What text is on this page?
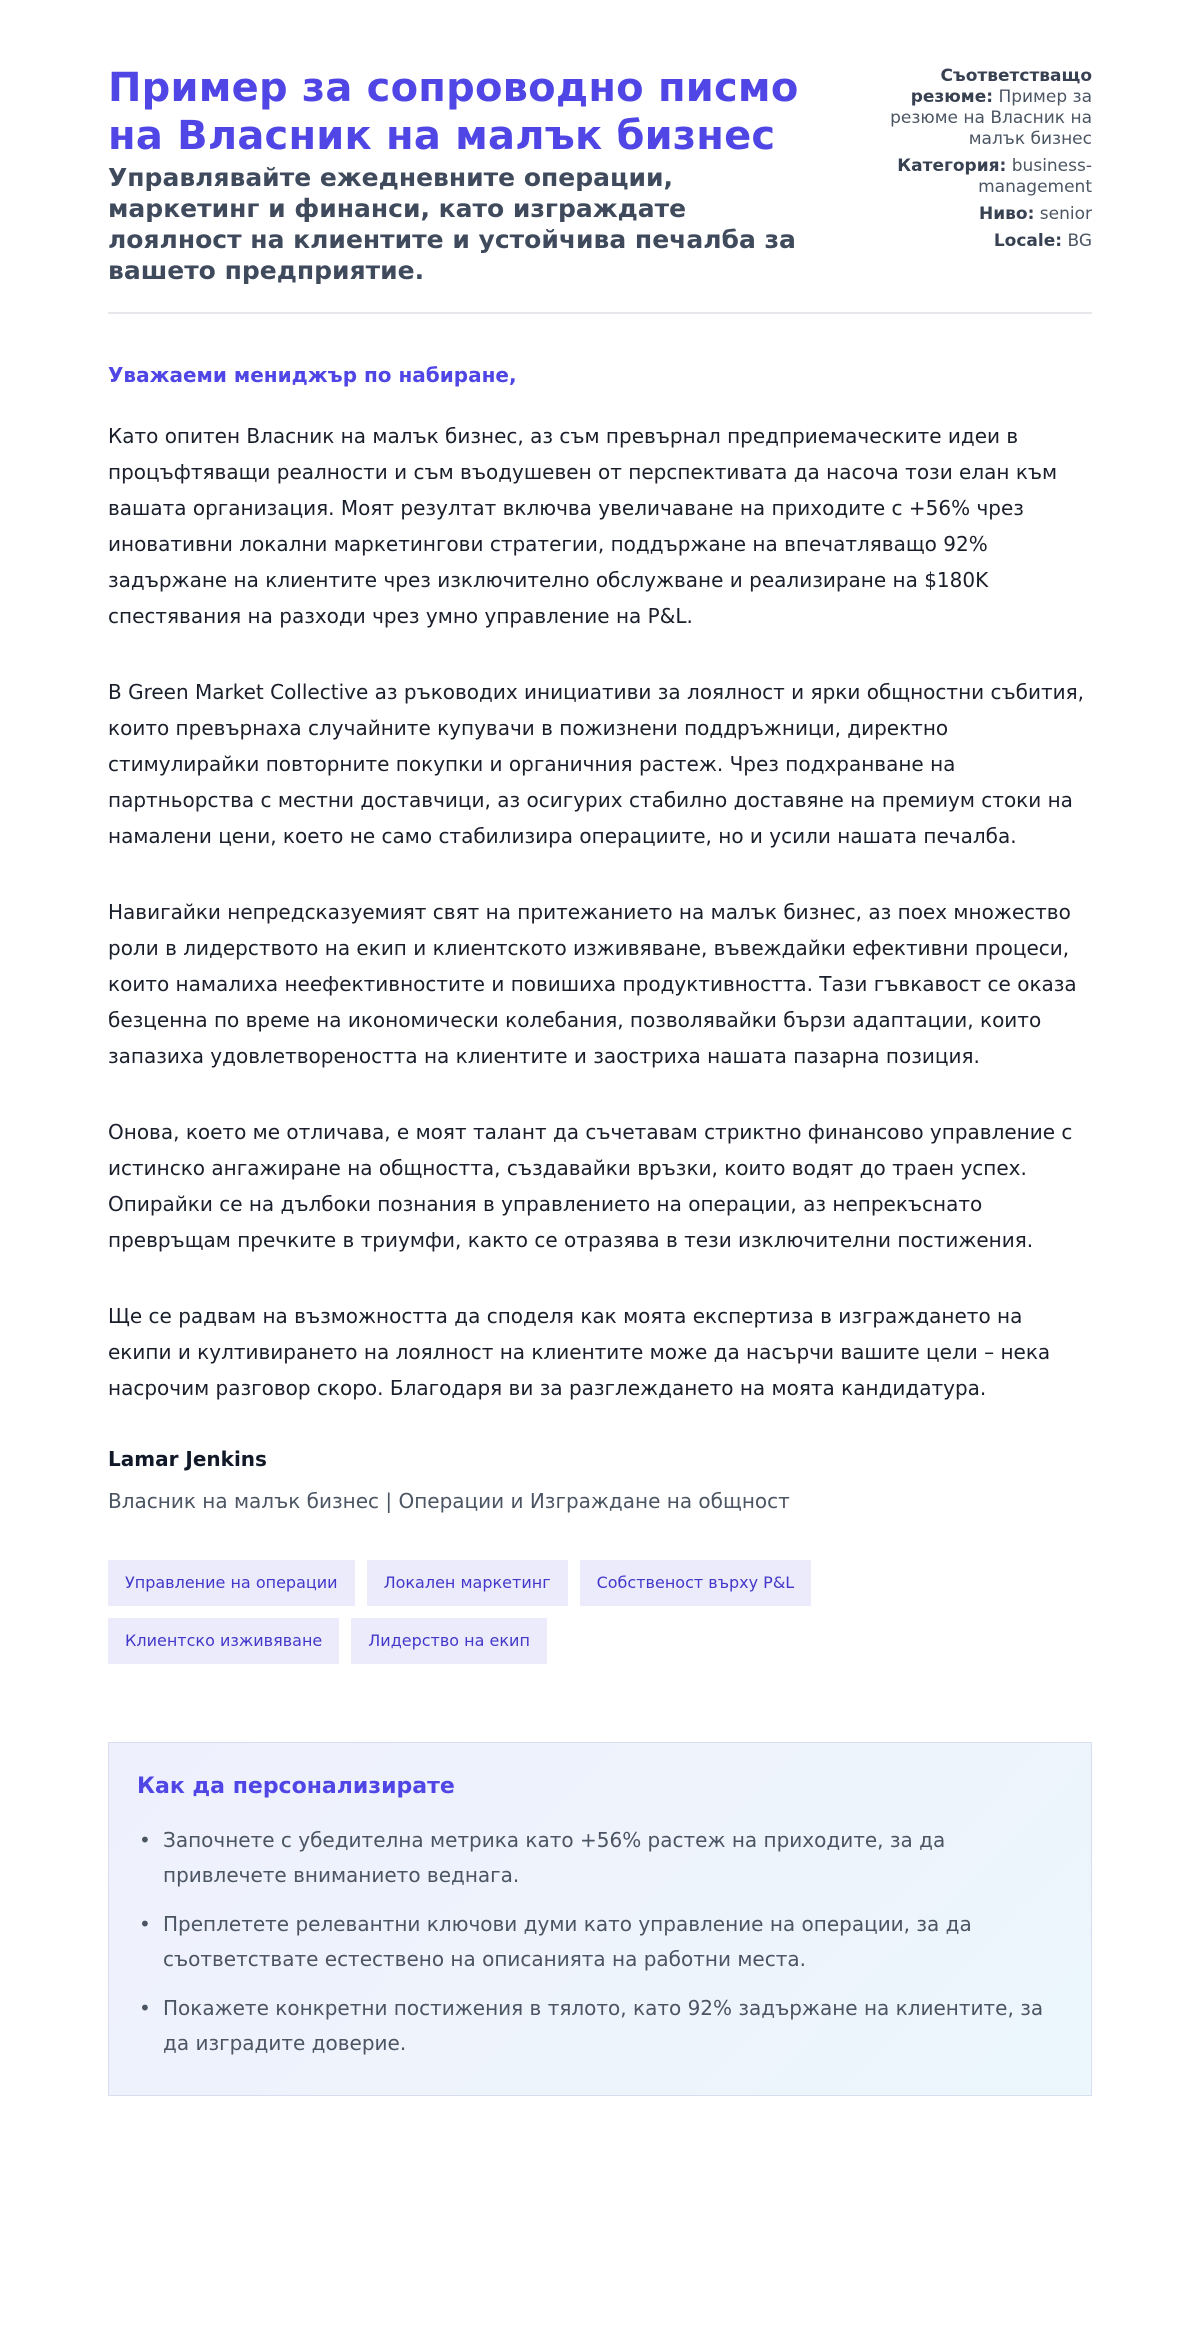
Пример за сопроводно писмо на Власник на малък бизнес
Управлявайте ежедневните операции, маркетинг и финанси, като изграждате лоялност на клиентите и устойчива печалба за вашето предприятие.
Съответстващо резюме: Пример за резюме на Власник на малък бизнес
Категория: business-management
Ниво: senior
Locale: BG

Уважаеми мениджър по набиране,

Като опитен Власник на малък бизнес, аз съм превърнал предприемаческите идеи в процъфтяващи реалности и съм въодушевен от перспективата да насоча този елан към вашата организация. Моят резултат включва увеличаване на приходите с +56% чрез иновативни локални маркетингови стратегии, поддържане на впечатляващо 92% задържане на клиентите чрез изключително обслужване и реализиране на $180K спестявания на разходи чрез умно управление на P&L.

В Green Market Collective аз ръководих инициативи за лоялност и ярки общностни събития, които превърнаха случайните купувачи в пожизнени поддръжници, директно стимулирайки повторните покупки и органичния растеж. Чрез подхранване на партньорства с местни доставчици, аз осигурих стабилно доставяне на премиум стоки на намалени цени, което не само стабилизира операциите, но и усили нашата печалба.

Навигайки непредсказуемият свят на притежанието на малък бизнес, аз поех множество роли в лидерството на екип и клиентското изживяване, въвеждайки ефективни процеси, които намалиха неефективностите и повишиха продуктивността. Тази гъвкавост се оказа безценна по време на икономически колебания, позволявайки бързи адаптации, които запазиха удовлетвореността на клиентите и заостриха нашата пазарна позиция.

Онова, което ме отличава, е моят талант да съчетавам стриктно финансово управление с истинско ангажиране на общността, създавайки връзки, които водят до траен успех. Опирайки се на дълбоки познания в управлението на операции, аз непрекъснато превръщам пречките в триумфи, както се отразява в тези изключителни постижения.

Ще се радвам на възможността да споделя как моята експертиза в изграждането на екипи и култивирането на лоялност на клиентите може да насърчи вашите цели – нека насрочим разговор скоро. Благодаря ви за разглеждането на моята кандидатура.

Lamar Jenkins
Власник на малък бизнес | Операции и Изграждане на общност
Управление на операции	Локален маркетинг	Собственост върху P&L
Клиентско изживяване	Лидерство на екип
Как да персонализирате
• Започнете с убедителна метрика като +56% растеж на приходите, за да привлечете вниманието веднага.
• Преплетете релевантни ключови думи като управление на операции, за да съответствате естествено на описанията на работни места.
• Покажете конкретни постижения в тялото, като 92% задържане на клиентите, за да изградите доверие.
